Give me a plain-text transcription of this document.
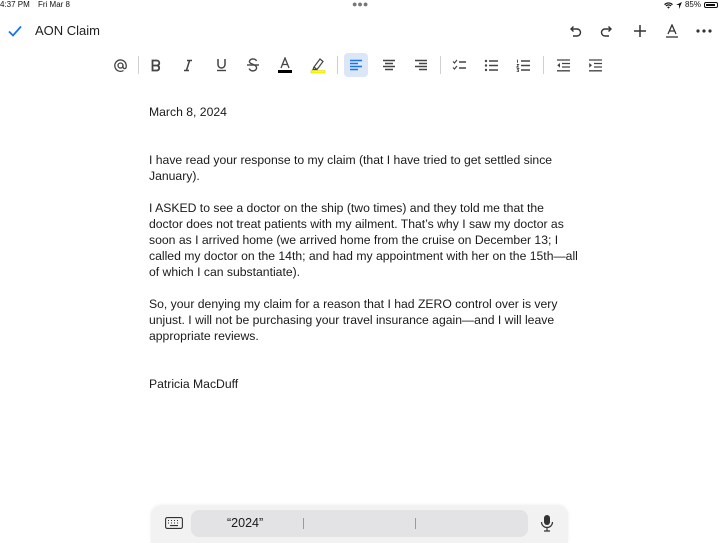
4:37 PM Fri Mar 8	●●●	85%
AON Claim

March 8, 2024

I have read your response to my claim (that I have tried to get settled since January).

I ASKED to see a doctor on the ship (two times) and they told me that the doctor does not treat patients with my ailment. That’s why I saw my doctor as soon as I arrived home (we arrived home from the cruise on December 13; I called my doctor on the 14th; and had my appointment with her on the 15th—all of which I can substantiate).

So, your denying my claim for a reason that I had ZERO control over is very unjust. I will not be purchasing your travel insurance again—and I will leave appropriate reviews.

Patricia MacDuff

“2024”
